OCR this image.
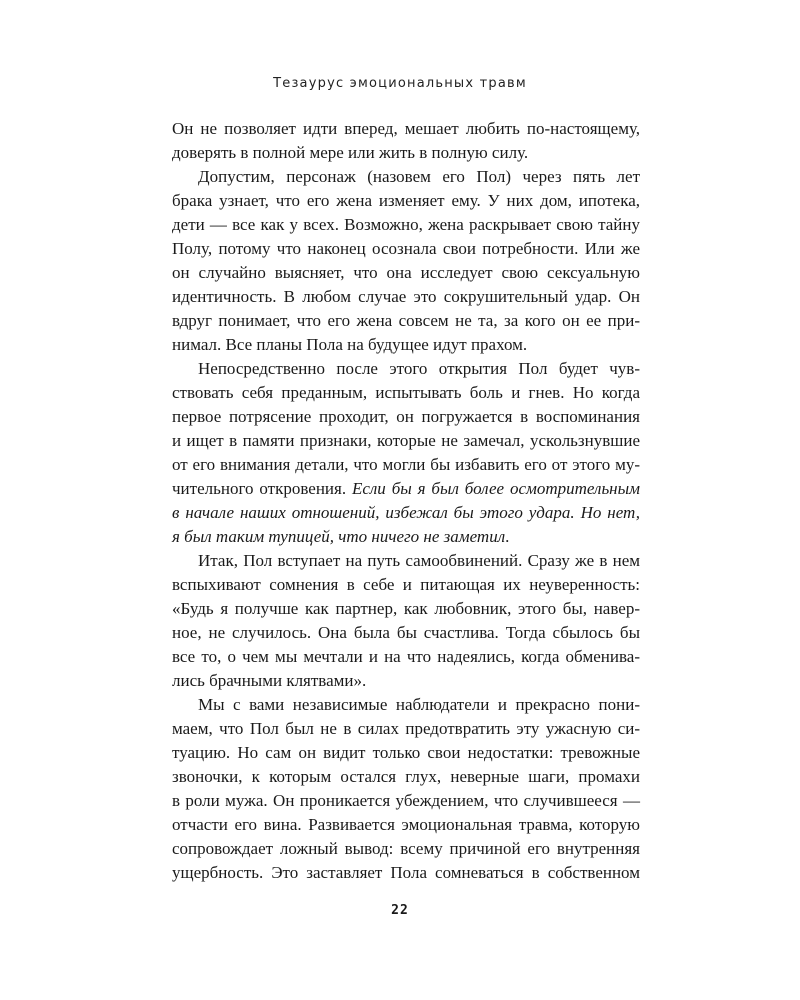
Тезаурус эмоциональных травм
Он не позволяет идти вперед, мешает любить по-настоящему,
доверять в полной мере или жить в полную силу.
Допустим, персонаж (назовем его Пол) через пять лет
брака узнает, что его жена изменяет ему. У них дом, ипотека,
дети — все как у всех. Возможно, жена раскрывает свою тайну
Полу, потому что наконец осознала свои потребности. Или же
он случайно выясняет, что она исследует свою сексуальную
идентичность. В любом случае это сокрушительный удар. Он
вдруг понимает, что его жена совсем не та, за кого он ее при-
нимал. Все планы Пола на будущее идут прахом.
Непосредственно после этого открытия Пол будет чув-
ствовать себя преданным, испытывать боль и гнев. Но когда
первое потрясение проходит, он погружается в воспоминания
и ищет в памяти признаки, которые не замечал, ускользнувшие
от его внимания детали, что могли бы избавить его от этого му-
чительного откровения. Если бы я был более осмотрительным
в начале наших отношений, избежал бы этого удара. Но нет,
я был таким тупицей, что ничего не заметил.
Итак, Пол вступает на путь самообвинений. Сразу же в нем
вспыхивают сомнения в себе и питающая их неуверенность:
«Будь я получше как партнер, как любовник, этого бы, навер-
ное, не случилось. Она была бы счастлива. Тогда сбылось бы
все то, о чем мы мечтали и на что надеялись, когда обменива-
лись брачными клятвами».
Мы с вами независимые наблюдатели и прекрасно пони-
маем, что Пол был не в силах предотвратить эту ужасную си-
туацию. Но сам он видит только свои недостатки: тревожные
звоночки, к которым остался глух, неверные шаги, промахи
в роли мужа. Он проникается убеждением, что случившееся —
отчасти его вина. Развивается эмоциональная травма, которую
сопровождает ложный вывод: всему причиной его внутренняя
ущербность. Это заставляет Пола сомневаться в собственном
22
